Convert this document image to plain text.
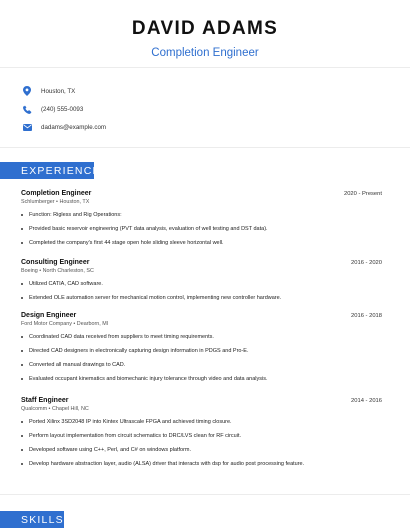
DAVID ADAMS
Completion Engineer
Houston, TX
(240) 555-0093
dadams@example.com
EXPERIENCE
Completion Engineer	2020 - Present
Schlumberger • Houston, TX
Function: Rigless and Rig Operations:
Provided basic reservoir engineering (PVT data analysis, evaluation of well testing and DST data).
Completed the company's first 44 stage open hole sliding sleeve horizontal well.
Consulting Engineer	2016 - 2020
Boeing • North Charleston, SC
Utilized CATIA, CAD software.
Extended OLE automation server for mechanical motion control, implementing new controller hardware.
Design Engineer	2016 - 2018
Ford Motor Company • Dearborn, MI
Coordinated CAD data received from suppliers to meet timing requirements.
Directed CAD designers in electronically capturing design information in PDGS and Pro-E.
Converted all manual drawings to CAD.
Evaluated occupant kinematics and biomechanic injury tolerance through video and data analysis.
Staff Engineer	2014 - 2016
Qualcomm • Chapel Hill, NC
Ported Xilinx 3SD2048 IP into Kintex Ultrascale FPGA and achieved timing closure.
Perform layout implementation from circuit schematics to DRC/LVS clean for RF circuit.
Developed software using C++, Perl, and C# on windows platform.
Develop hardware abstraction layer, audio (ALSA) driver that interacts with dsp for audio post processing feature.
SKILLS
